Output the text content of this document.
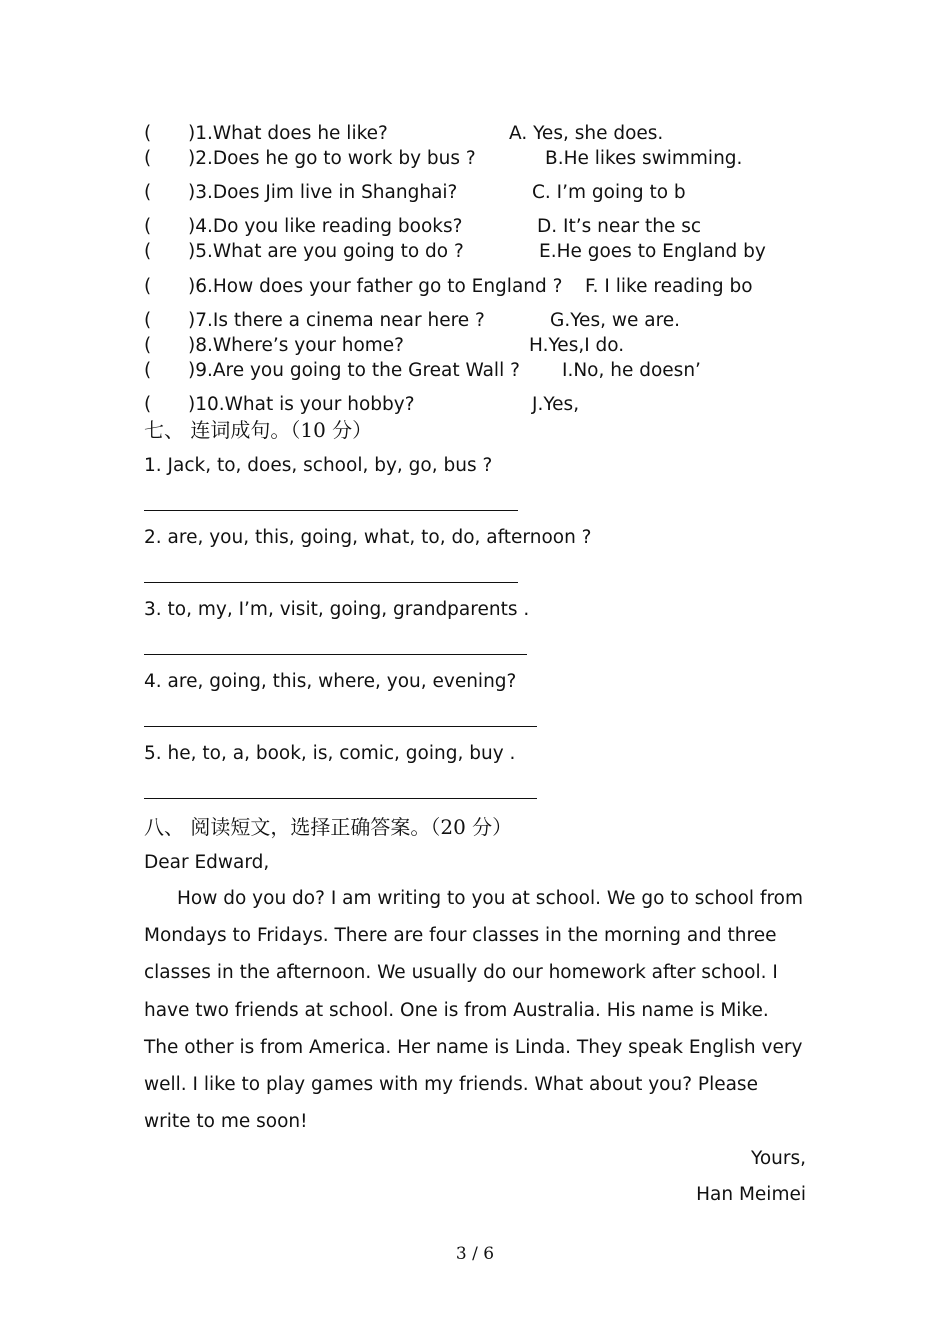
( )1.What does he like?	A. Yes, she does.
( )2.Does he go to work by bus ?	B.He likes swimming.
( )3.Does Jim live in Shanghai?	C. I’m going to b
( )4.Do you like reading books?	D. It’s near the sc
( )5.What are you going to do ?	E.He goes to England by
( )6.How does your father go to England ? F. I like reading bo
( )7.Is there a cinema near here ?	G.Yes, we are.
( )8.Where’s your home?	H.Yes,I do.
( )9.Are you going to the Great Wall ? I.No, he doesn’
( )10.What is your hobby?	J.Yes,
七、 连词成句。（10 分）
1. Jack, to, does, school, by, go, bus ?
2. are, you, this, going, what, to, do, afternoon ?
3. to, my, I’m, visit, going, grandparents .
4. are, going, this, where, you, evening?
5. he, to, a, book, is, comic, going, buy .
八、 阅读短文，选择正确答案。（20 分）
Dear Edward,
How do you do? I am writing to you at school. We go to school from Mondays to Fridays. There are four classes in the morning and three classes in the afternoon. We usually do our homework after school. I have two friends at school. One is from Australia. His name is Mike. The other is from America. Her name is Linda. They speak English very well. I like to play games with my friends. What about you? Please write to me soon!
Yours,
Han Meimei
3 / 6
